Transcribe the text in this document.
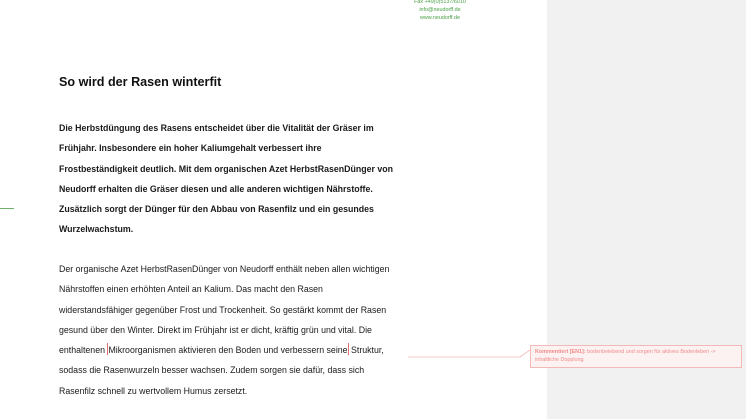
Fax +49(0)5137/6010
info@neudorff.de
www.neudorff.de
So wird der Rasen winterfit

Die Herbstdüngung des Rasens entscheidet über die Vitalität der Gräser im
Frühjahr. Insbesondere ein hoher Kaliumgehalt verbessert ihre
Frostbeständigkeit deutlich. Mit dem organischen Azet HerbstRasenDünger von
Neudorff erhalten die Gräser diesen und alle anderen wichtigen Nährstoffe.
Zusätzlich sorgt der Dünger für den Abbau von Rasenfilz und ein gesundes
Wurzelwachstum.

Der organische Azet HerbstRasenDünger von Neudorff enthält neben allen wichtigen
Nährstoffen einen erhöhten Anteil an Kalium. Das macht den Rasen
widerstandsfähiger gegenüber Frost und Trockenheit. So gestärkt kommt der Rasen
gesund über den Winter. Direkt im Frühjahr ist er dicht, kräftig grün und vital. Die
enthaltenen Mikroorganismen aktivieren den Boden und verbessern seine Struktur,
sodass die Rasenwurzeln besser wachsen. Zudem sorgen sie dafür, dass sich
Rasenfilz schnell zu wertvollem Humus zersetzt.

Kommentiert [EN1]: bodenbelebend und sorgen für aktives Bodenleben -> inhaltliche Dopplung
